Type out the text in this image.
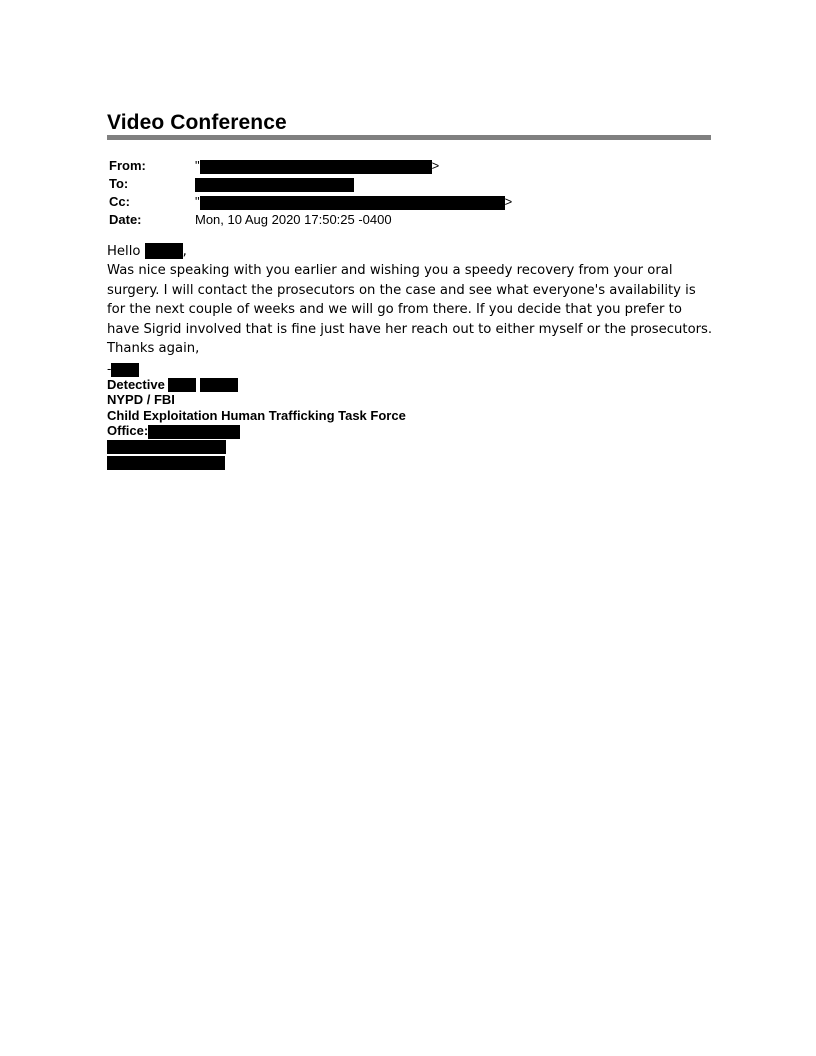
Video Conference
From:	"	>
To:
Cc:	"	>
Date:	Mon, 10 Aug 2020 17:50:25 -0400

Hello	,

Was nice speaking with you earlier and wishing you a speedy recovery from your oral surgery. I will contact the prosecutors on the case and see what everyone's availability is for the next couple of weeks and we will go from there. If you decide that you prefer to have Sigrid involved that is fine just have her reach out to either myself or the prosecutors.

Thanks again,

-
Detective
NYPD / FBI
Child Exploitation Human Trafficking Task Force
Office:
